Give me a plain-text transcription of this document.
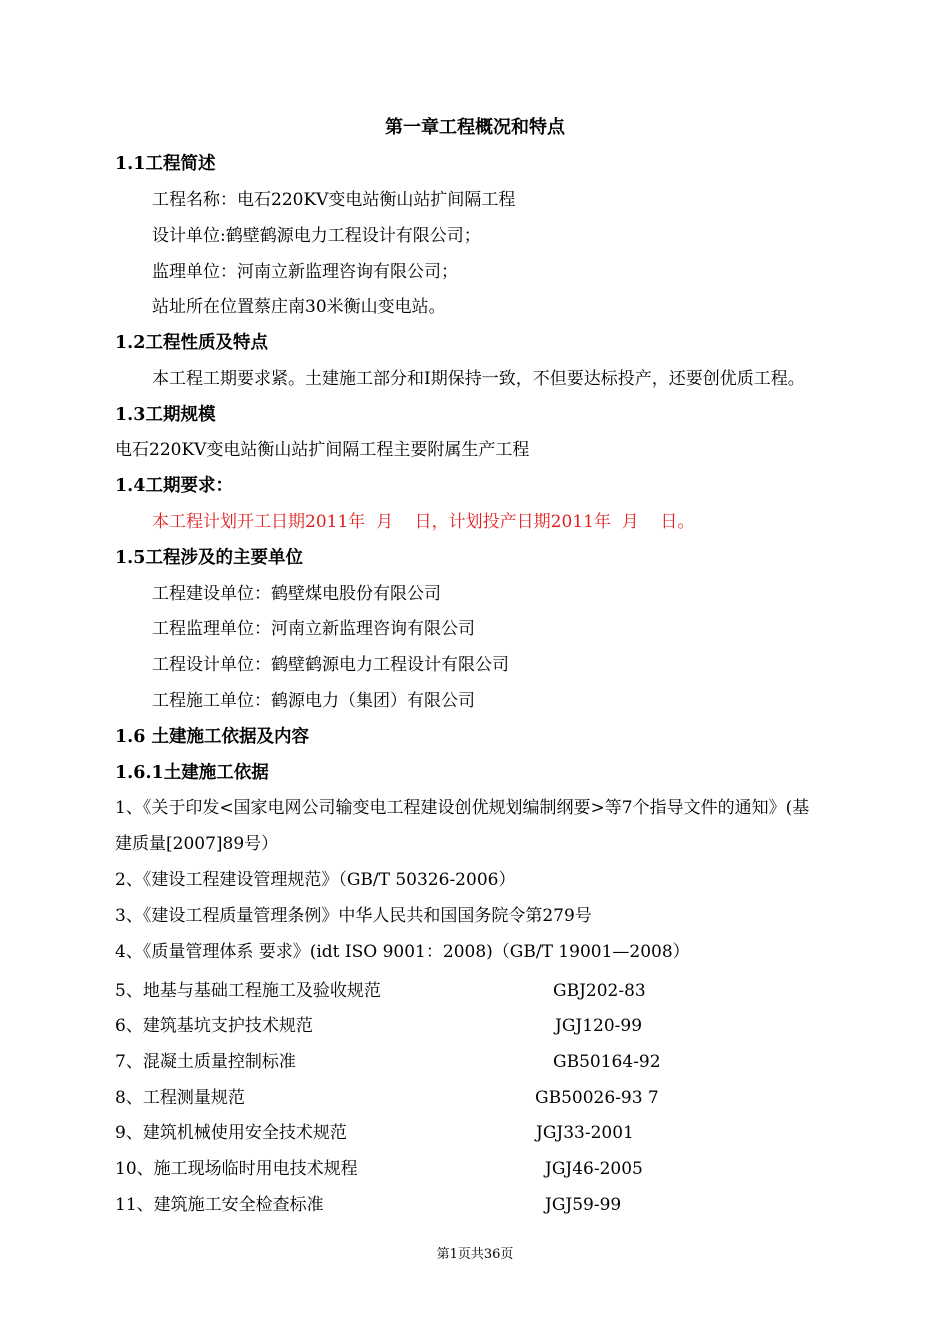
第一章工程概况和特点
1.1工程简述
工程名称：电石220KV变电站衡山站扩间隔工程
设计单位:鹤壁鹤源电力工程设计有限公司；
监理单位：河南立新监理咨询有限公司；
站址所在位置蔡庄南30米衡山变电站。
1.2工程性质及特点
本工程工期要求紧。土建施工部分和Ⅰ期保持一致，不但要达标投产，还要创优质工程。
1.3工期规模
电石220KV变电站衡山站扩间隔工程主要附属生产工程
1.4工期要求：
本工程计划开工日期2011年  月    日，计划投产日期2011年  月    日。
1.5工程涉及的主要单位
工程建设单位：鹤壁煤电股份有限公司
工程监理单位：河南立新监理咨询有限公司
工程设计单位：鹤壁鹤源电力工程设计有限公司
工程施工单位：鹤源电力（集团）有限公司
1.6 土建施工依据及内容
1.6.1土建施工依据
1、《关于印发<国家电网公司输变电工程建设创优规划编制纲要>等7个指导文件的通知》(基
建质量[2007]89号）
2、《建设工程建设管理规范》（GB/T 50326-2006）
3、《建设工程质量管理条例》中华人民共和国国务院令第279号
4、《质量管理体系 要求》(idt ISO 9001：2008)（GB/T 19001—2008）
5、地基与基础工程施工及验收规范	GBJ202-83
6、建筑基坑支护技术规范	JGJ120-99
7、混凝土质量控制标准	GB50164-92
8、工程测量规范	GB50026-93 7
9、建筑机械使用安全技术规范	JGJ33-2001
10、施工现场临时用电技术规程	JGJ46-2005
11、建筑施工安全检查标准	JGJ59-99
第1页共36页
